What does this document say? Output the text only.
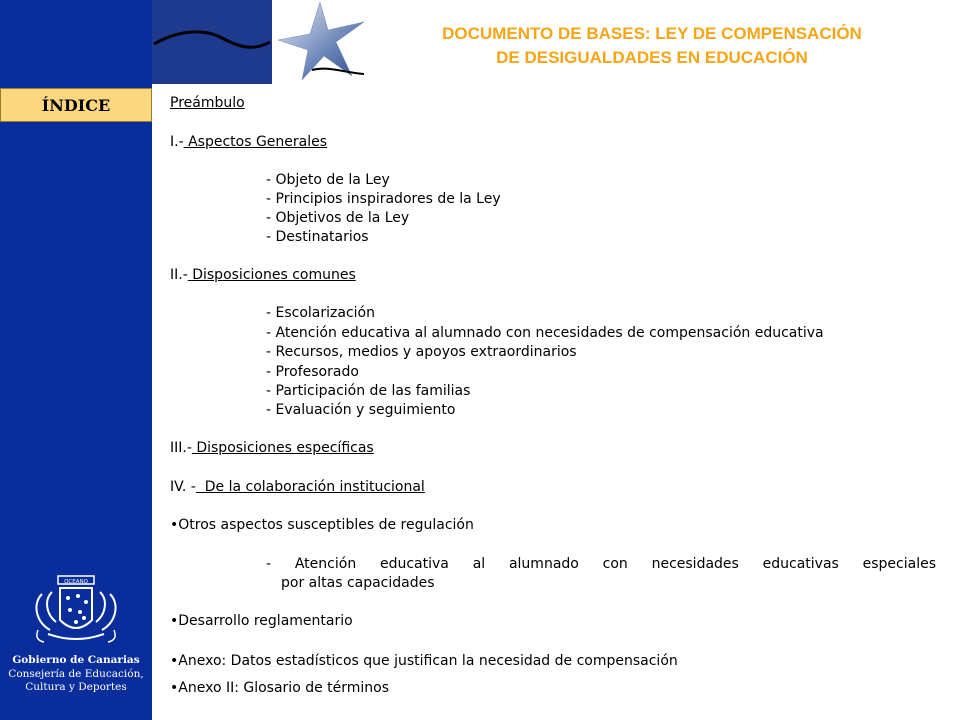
DOCUMENTO DE BASES: LEY DE COMPENSACIÓN
DE DESIGUALDADES EN EDUCACIÓN
ÍNDICE
OCEANO
Gobierno de Canarias
Consejería de Educación,
Cultura y Deportes
Preámbulo
I.- Aspectos Generales
- Objeto de la Ley
- Principios inspiradores de la Ley
- Objetivos de la Ley
- Destinatarios
II.- Disposiciones comunes
- Escolarización
- Atención educativa al alumnado con necesidades de compensación educativa
- Recursos, medios y apoyos extraordinarios
- Profesorado
- Participación de las familias
- Evaluación y seguimiento
III.- Disposiciones específicas
IV. -  De la colaboración institucional
• Otros aspectos susceptibles de regulación
- Atención educativa al alumnado con necesidades educativas especiales
por altas capacidades
• Desarrollo reglamentario
• Anexo: Datos estadísticos que justifican la necesidad de compensación
• Anexo II: Glosario de términos
